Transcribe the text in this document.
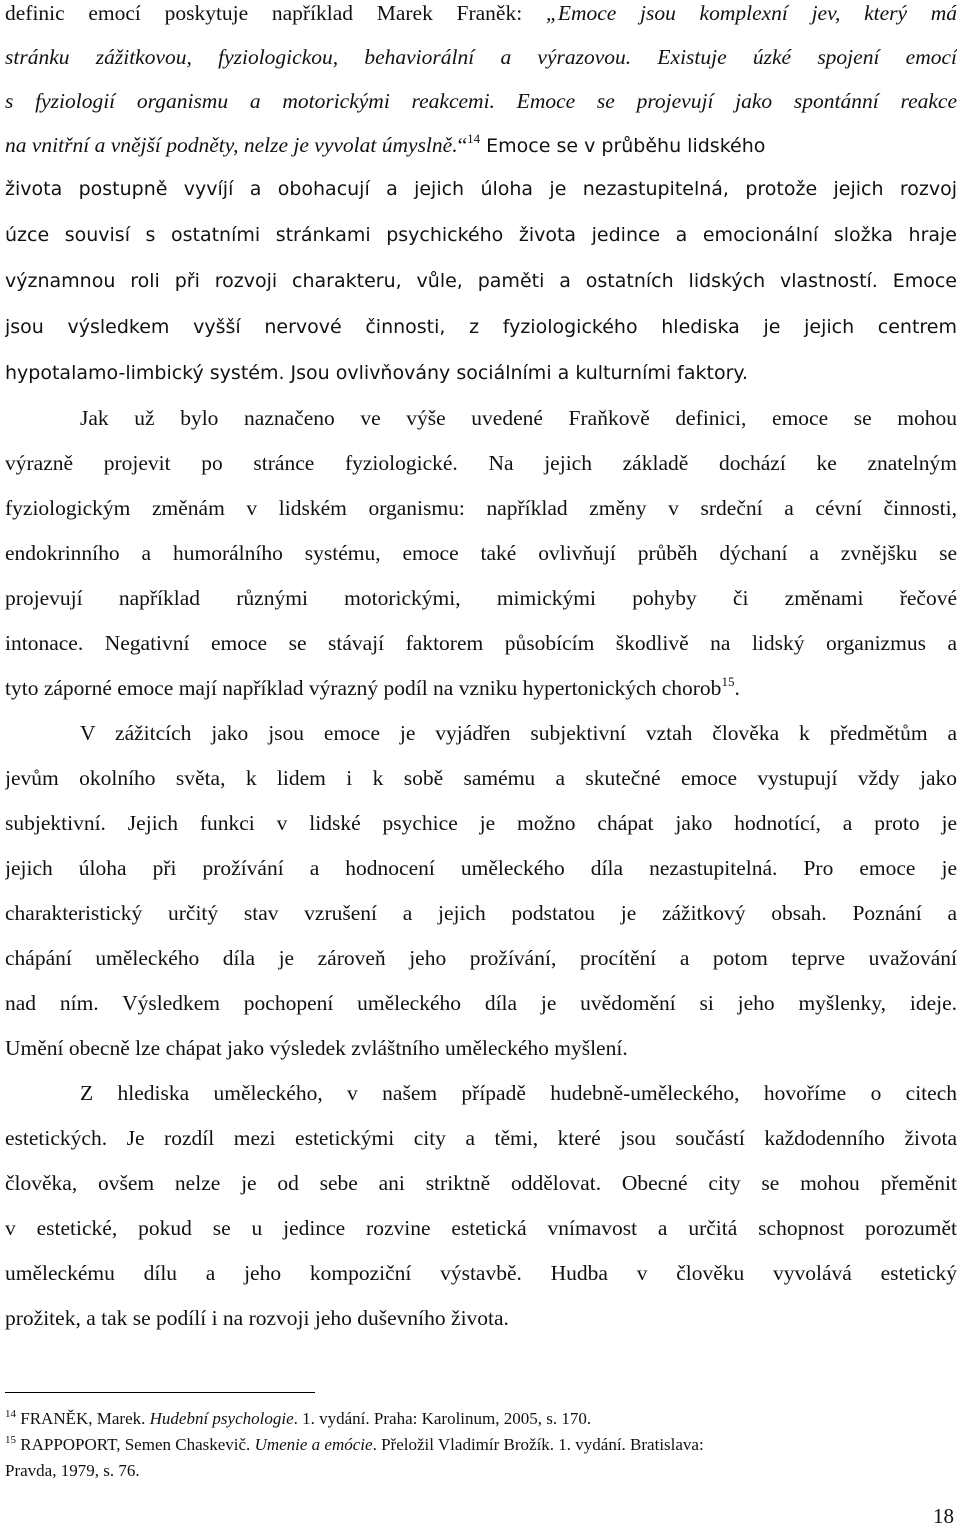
definic emocí poskytuje například Marek Franěk: „Emoce jsou komplexní jev, který má
stránku zážitkovou, fyziologickou, behaviorální a výrazovou. Existuje úzké spojení emocí
s fyziologií organismu a motorickými reakcemi. Emoce se projevují jako spontánní reakce
na vnitřní a vnější podněty, nelze je vyvolat úmyslně.“$^{14}$ Emoce se v průběhu lidského
života postupně vyvíjí a obohacují a jejich úloha je nezastupitelná, protože jejich rozvoj
úzce souvisí s ostatními stránkami psychického života jedince a emocionální složka hraje
významnou roli při rozvoji charakteru, vůle, paměti a ostatních lidských vlastností. Emoce
jsou výsledkem vyšší nervové činnosti, z fyziologického hlediska je jejich centrem
hypotalamo-limbický systém. Jsou ovlivňovány sociálními a kulturními faktory.
Jak už bylo naznačeno ve výše uvedené Fraňkově definici, emoce se mohou
výrazně projevit po stránce fyziologické. Na jejich základě dochází ke znatelným
fyziologickým změnám v lidském organismu: například změny v srdeční a cévní činnosti,
endokrinního a humorálního systému, emoce také ovlivňují průběh dýchaní a zvnějšku se
projevují například různými motorickými, mimickými pohyby či změnami řečové
intonace. Negativní emoce se stávají faktorem působícím škodlivě na lidský organizmus a
tyto záporné emoce mají například výrazný podíl na vzniku hypertonických chorob$^{15}$.
V zážitcích jako jsou emoce je vyjádřen subjektivní vztah člověka k předmětům a
jevům okolního světa, k lidem i k sobě samému a skutečné emoce vystupují vždy jako
subjektivní. Jejich funkci v lidské psychice je možno chápat jako hodnotící, a proto je
jejich úloha při prožívání a hodnocení uměleckého díla nezastupitelná. Pro emoce je
charakteristický určitý stav vzrušení a jejich podstatou je zážitkový obsah. Poznání a
chápání uměleckého díla je zároveň jeho prožívání, procítění a potom teprve uvažování
nad ním. Výsledkem pochopení uměleckého díla je uvědomění si jeho myšlenky, ideje.
Umění obecně lze chápat jako výsledek zvláštního uměleckého myšlení.
Z hlediska uměleckého, v našem případě hudebně-uměleckého, hovoříme o citech
estetických. Je rozdíl mezi estetickými city a těmi, které jsou součástí každodenního života
člověka, ovšem nelze je od sebe ani striktně oddělovat. Obecné city se mohou přeměnit
v estetické, pokud se u jedince rozvine estetická vnímavost a určitá schopnost porozumět
uměleckému dílu a jeho kompoziční výstavbě. Hudba v člověku vyvolává estetický
prožitek, a tak se podílí i na rozvoji jeho duševního života.
$^{14}$ FRANĚK, Marek. Hudební psychologie. 1. vydání. Praha: Karolinum, 2005, s. 170.
$^{15}$ RAPPOPORT, Semen Chaskevič. Umenie a emócie. Přeložil Vladimír Brožík. 1. vydání. Bratislava:
Pravda, 1979, s. 76.
18
